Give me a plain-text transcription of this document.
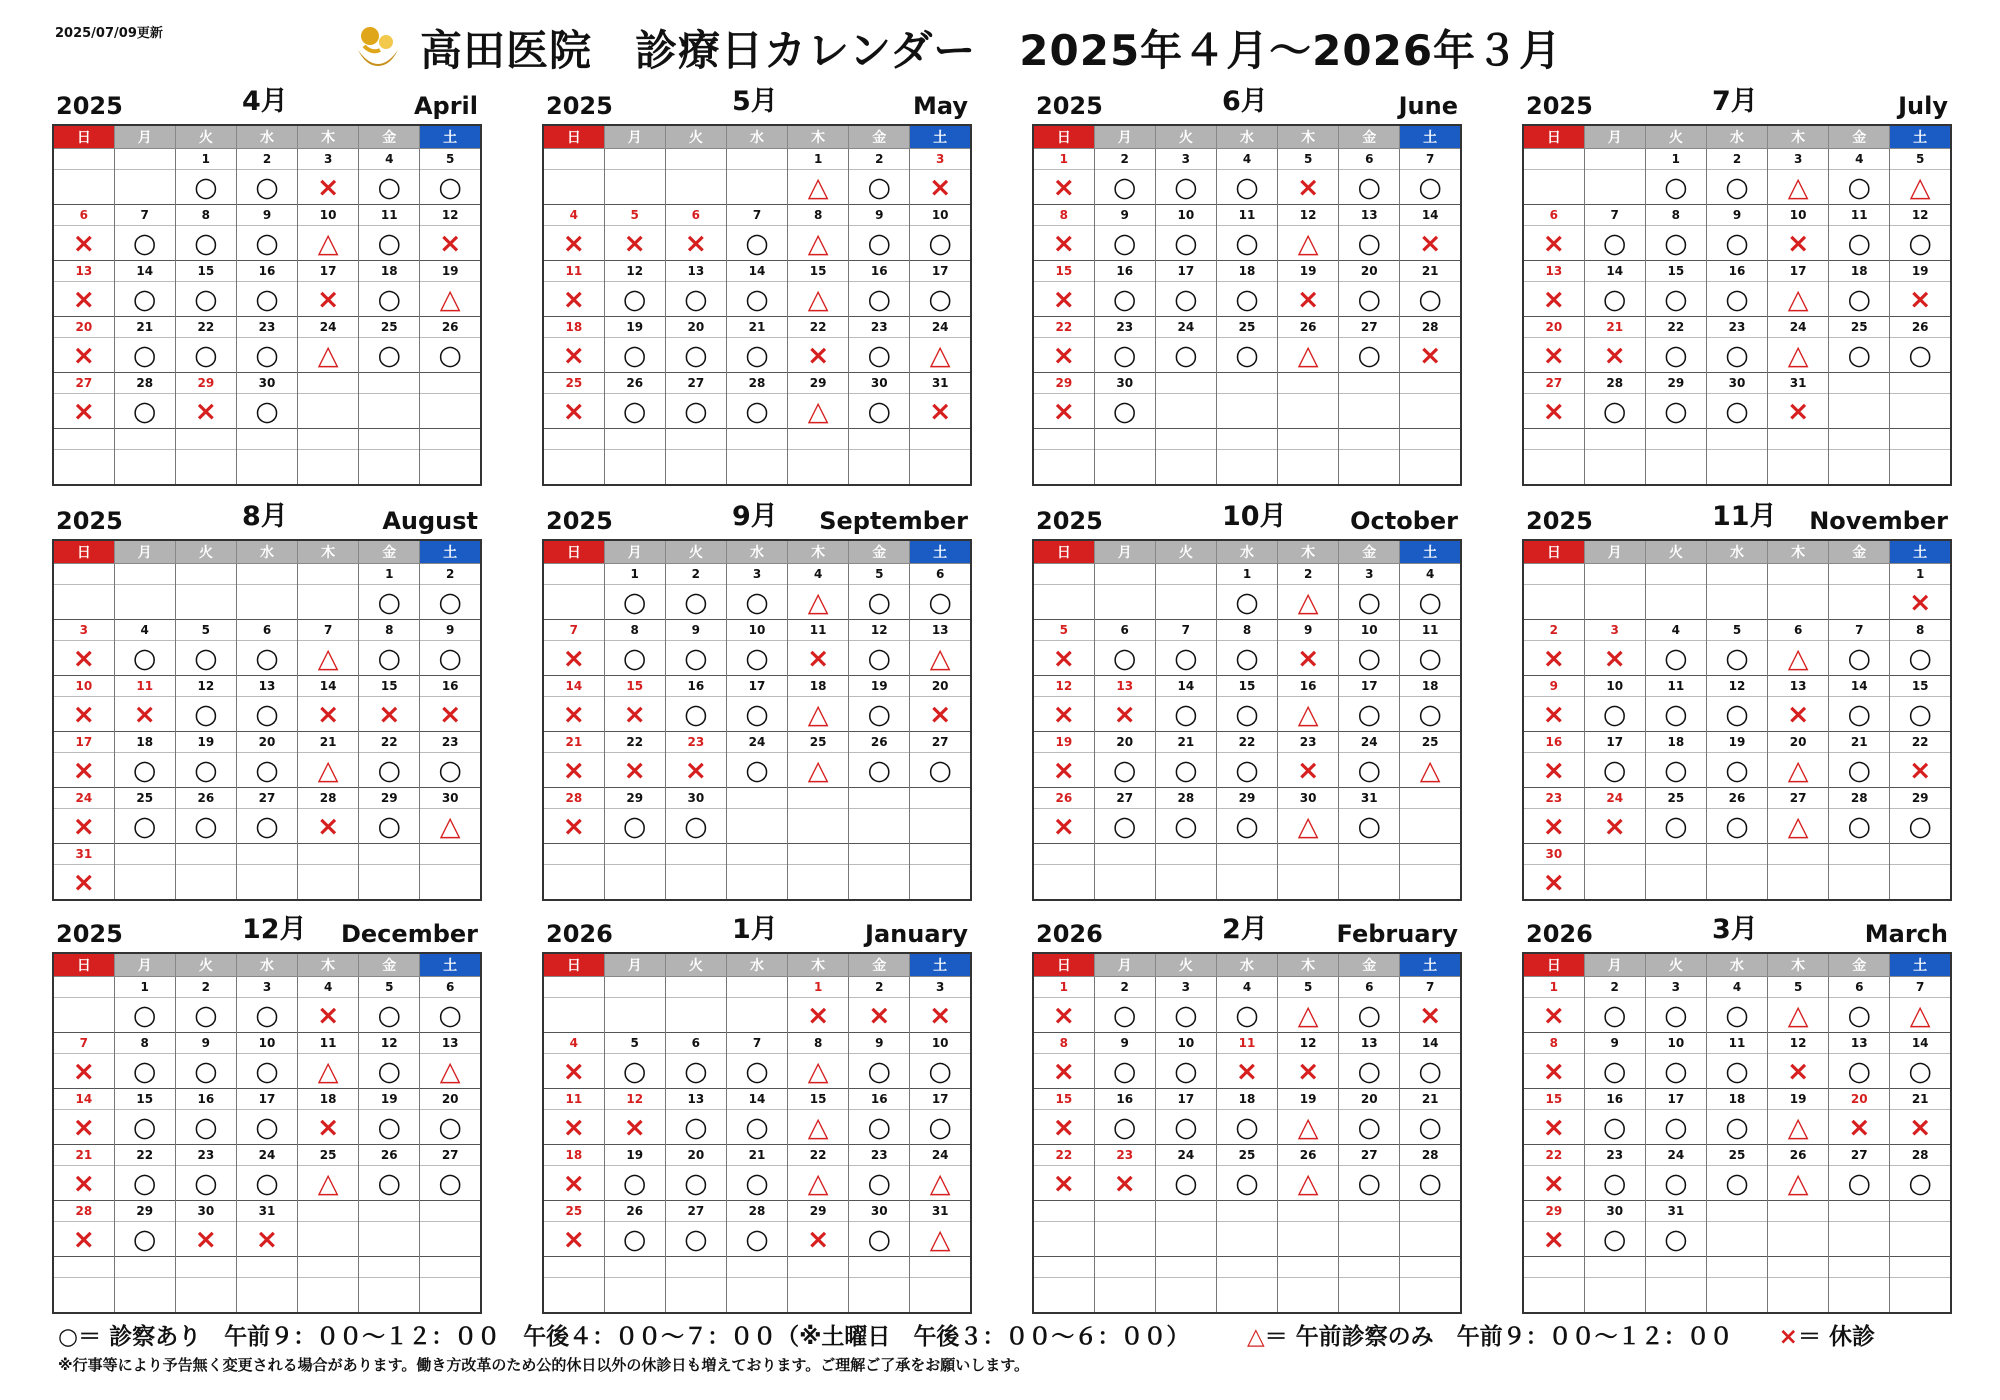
2025/07/09更新	高田医院　診療日カレンダー　2025年４月～2026年３月
2025	4月	April
日	月	火	水	木	金	土
		1	2	3	4	5
		○	○	×	○	○
6	7	8	9	10	11	12
×	○	○	○	△	○	×
13	14	15	16	17	18	19
×	○	○	○	×	○	△
20	21	22	23	24	25	26
×	○	○	○	△	○	○
27	28	29	30			
×	○	×	○			

2025	5月	May
日	月	火	水	木	金	土
				1	2	3
				△	○	×
4	5	6	7	8	9	10
×	×	×	○	△	○	○
11	12	13	14	15	16	17
×	○	○	○	△	○	○
18	19	20	21	22	23	24
×	○	○	○	×	○	△
25	26	27	28	29	30	31
×	○	○	○	△	○	×

2025	6月	June
日	月	火	水	木	金	土
1	2	3	4	5	6	7
×	○	○	○	×	○	○
8	9	10	11	12	13	14
×	○	○	○	△	○	×
15	16	17	18	19	20	21
×	○	○	○	×	○	○
22	23	24	25	26	27	28
×	○	○	○	△	○	×
29	30					
×	○					

2025	7月	July
日	月	火	水	木	金	土
		1	2	3	4	5
		○	○	△	○	△
6	7	8	9	10	11	12
×	○	○	○	×	○	○
13	14	15	16	17	18	19
×	○	○	○	△	○	×
20	21	22	23	24	25	26
×	×	○	○	△	○	○
27	28	29	30	31		
×	○	○	○	×		

2025	8月	August
日	月	火	水	木	金	土
					1	2
					○	○
3	4	5	6	7	8	9
×	○	○	○	△	○	○
10	11	12	13	14	15	16
×	×	○	○	×	×	×
17	18	19	20	21	22	23
×	○	○	○	△	○	○
24	25	26	27	28	29	30
×	○	○	○	×	○	△
31						
×						
2025	9月 September
日	月	火	水	木	金	土
	1	2	3	4	5	6
	○	○	○	△	○	○
7	8	9	10	11	12	13
×	○	○	○	×	○	△
14	15	16	17	18	19	20
×	×	○	○	△	○	×
21	22	23	24	25	26	27
×	×	×	○	△	○	○
28	29	30				
×	○	○				

2025	10月	October
日	月	火	水	木	金	土
			1	2	3	4
			○	△	○	○
5	6	7	8	9	10	11
×	○	○	○	×	○	○
12	13	14	15	16	17	18
×	×	○	○	△	○	○
19	20	21	22	23	24	25
×	○	○	○	×	○	△
26	27	28	29	30	31	
×	○	○	○	△	○	

2025	11月 November
日	月	火	水	木	金	土
						1
						×
2	3	4	5	6	7	8
×	×	○	○	△	○	○
9	10	11	12	13	14	15
×	○	○	○	×	○	○
16	17	18	19	20	21	22
×	○	○	○	△	○	×
23	24	25	26	27	28	29
×	×	○	○	△	○	○
30						
×						
2025	12月 December
日	月	火	水	木	金	土
	1	2	3	4	5	6
	○	○	○	×	○	○
7	8	9	10	11	12	13
×	○	○	○	△	○	△
14	15	16	17	18	19	20
×	○	○	○	×	○	○
21	22	23	24	25	26	27
×	○	○	○	△	○	○
28	29	30	31			
×	○	×	×			

2026	1月	January
日	月	火	水	木	金	土
				1	2	3
				×	×	×
4	5	6	7	8	9	10
×	○	○	○	△	○	○
11	12	13	14	15	16	17
×	×	○	○	△	○	○
18	19	20	21	22	23	24
×	○	○	○	△	○	△
25	26	27	28	29	30	31
×	○	○	○	×	○	△

2026	2月	February
日	月	火	水	木	金	土
1	2	3	4	5	6	7
×	○	○	○	△	○	×
8	9	10	11	12	13	14
×	○	○	×	×	○	○
15	16	17	18	19	20	21
×	○	○	○	△	○	○
22	23	24	25	26	27	28
×	×	○	○	△	○	○

2026	3月	March
日	月	火	水	木	金	土
1	2	3	4	5	6	7
×	○	○	○	△	○	△
8	9	10	11	12	13	14
×	○	○	○	×	○	○
15	16	17	18	19	20	21
×	○	○	○	△	×	×
22	23	24	25	26	27	28
×	○	○	○	△	○	○
29	30	31				
×	○	○				

○＝ 診察あり　午前９：００～１２：００　午後４：００～７：００（※土曜日　午後３：００～６：００）　　　	△＝ 午前診察のみ　午前９：００～１２：００　　 ×＝ 休診
※行事等により予告無く変更される場合があります。働き方改革のため公的休日以外の休診日も増えております。ご理解ご了承をお願いします。
